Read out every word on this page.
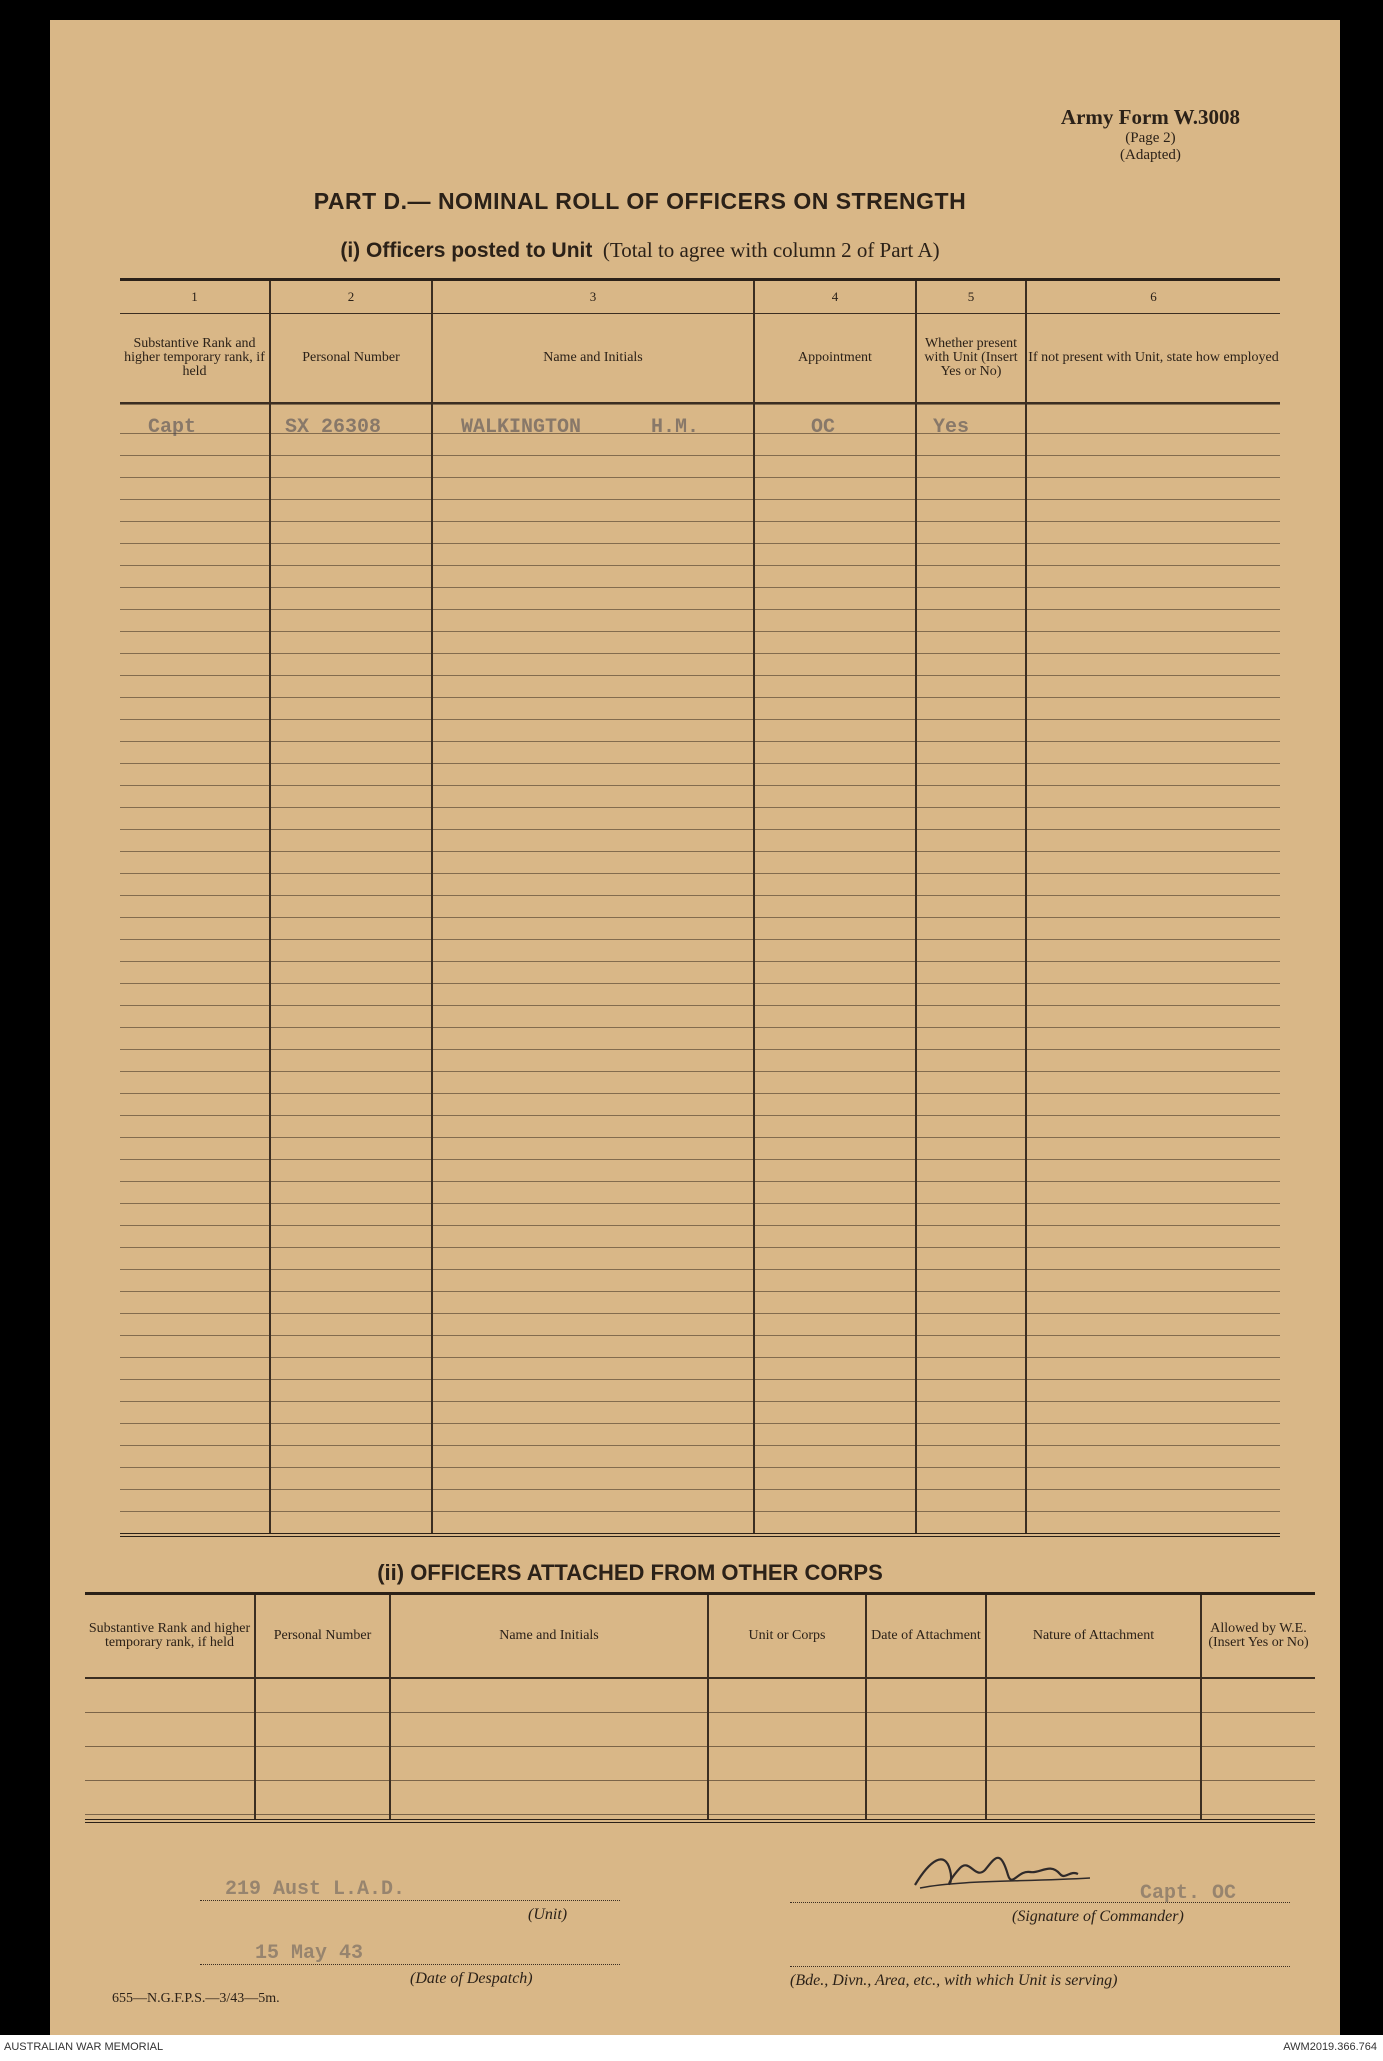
Army Form W.3008
(Page 2)
(Adapted)
PART D.— NOMINAL ROLL OF OFFICERS ON STRENGTH
(i) Officers posted to Unit (Total to agree with column 2 of Part A)
1	2	3	4	5	6
Substantive Rank and higher temporary rank, if held	Personal Number	Name and Initials	Appointment	Whether present with Unit (Insert Yes or No)	If not present with Unit, state how employed

Capt	SX 26308	WALKINGTON H.M.	OC	Yes	

(ii) OFFICERS ATTACHED FROM OTHER CORPS
Substantive Rank and higher temporary rank, if held	Personal Number	Name and Initials	Unit or Corps	Date of Attachment	Nature of Attachment	Allowed by W.E. (Insert Yes or No)

219 Aust L.A.D.
(Unit)
Capt. OC
(Signature of Commander)
15 May 43
(Date of Despatch)	(Bde., Divn., Area, etc., with which Unit is serving)
655—N.G.F.P.S.—3/43—5m.
AUSTRALIAN WAR MEMORIAL	AWM2019.366.764
